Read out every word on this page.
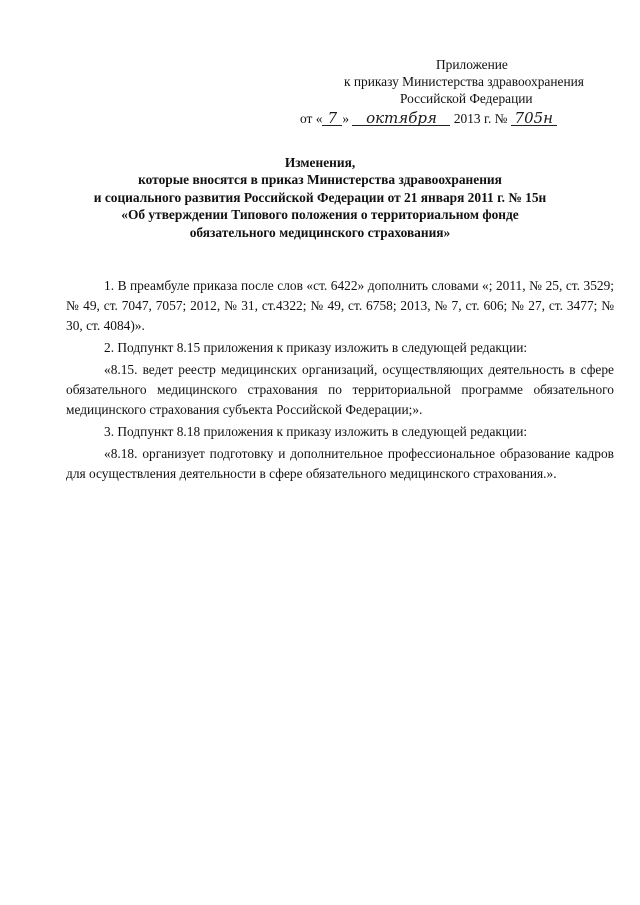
Приложение
к приказу Министерства здравоохранения
Российской Федерации
от « 7 » октября 2013 г. № 705н
Изменения,
которые вносятся в приказ Министерства здравоохранения
и социального развития Российской Федерации от 21 января 2011 г. № 15н
«Об утверждении Типового положения о территориальном фонде
обязательного медицинского страхования»

1. В преамбуле приказа после слов «ст. 6422» дополнить словами «; 2011, № 25, ст. 3529; № 49, ст. 7047, 7057; 2012, № 31, ст.4322; № 49, ст. 6758; 2013, № 7, ст. 606; № 27, ст. 3477; № 30, ст. 4084)».

2. Подпункт 8.15 приложения к приказу изложить в следующей редакции:

«8.15. ведет реестр медицинских организаций, осуществляющих деятельность в сфере обязательного медицинского страхования по территориальной программе обязательного медицинского страхования субъекта Российской Федерации;».

3. Подпункт 8.18 приложения к приказу изложить в следующей редакции:

«8.18. организует подготовку и дополнительное профессиональное образование кадров для осуществления деятельности в сфере обязательного медицинского страхования.».
